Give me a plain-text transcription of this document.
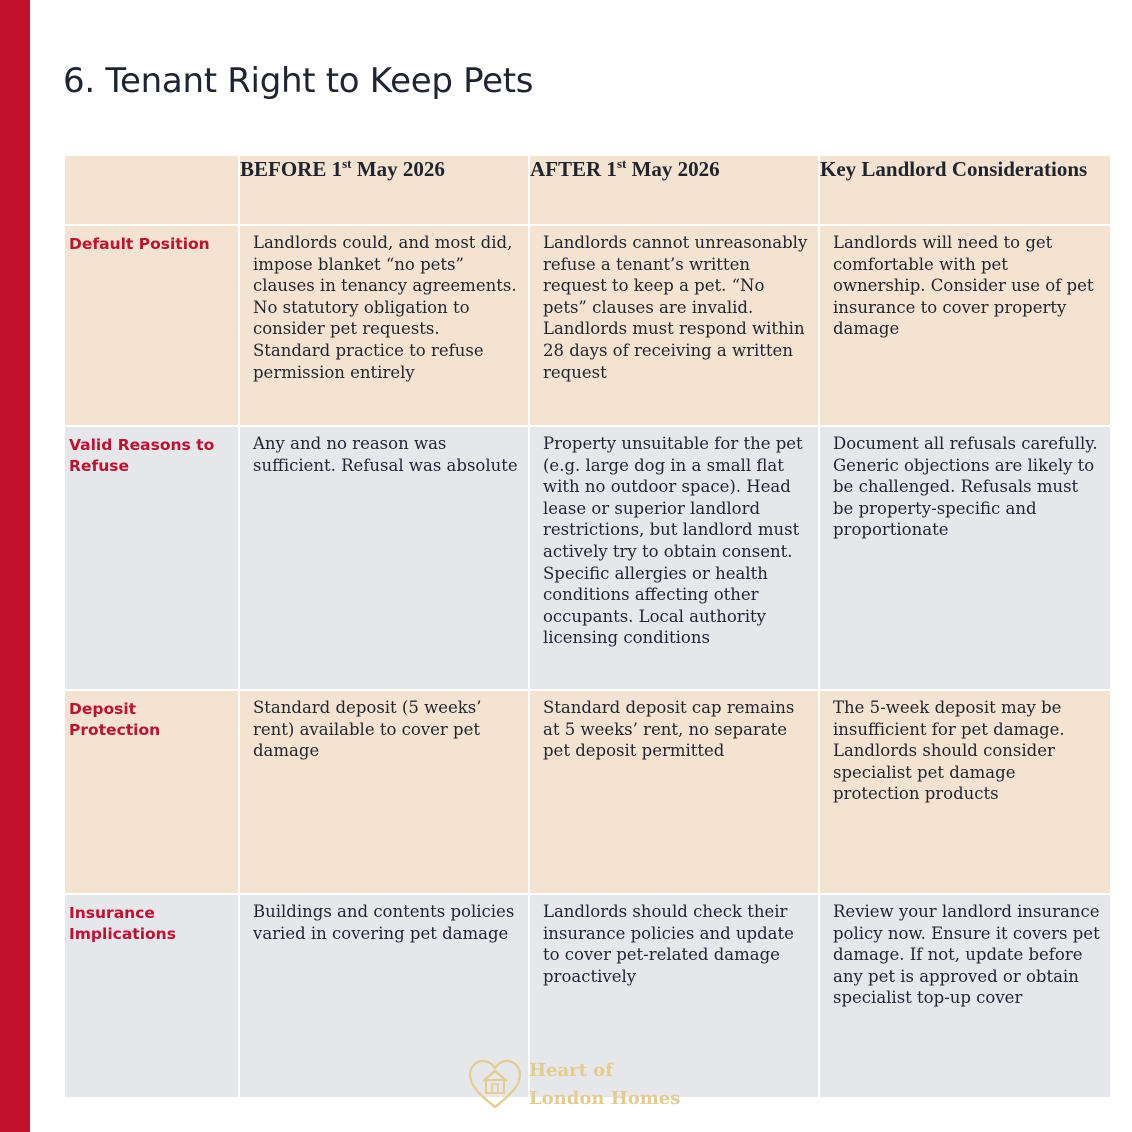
6. Tenant Right to Keep Pets
	BEFORE 1st May 2026	AFTER 1st May 2026	Key Landlord Considerations
Default Position	Landlords could, and most did, impose blanket “no pets” clauses in tenancy agreements. No statutory obligation to consider pet requests. Standard practice to refuse permission entirely	Landlords cannot unreasonably refuse a tenant’s written request to keep a pet. “No pets” clauses are invalid. Landlords must respond within 28 days of receiving a written request	Landlords will need to get comfortable with pet ownership. Consider use of pet insurance to cover property damage
Valid Reasons to Refuse	Any and no reason was sufficient. Refusal was absolute	Property unsuitable for the pet (e.g. large dog in a small flat with no outdoor space). Head lease or superior landlord restrictions, but landlord must actively try to obtain consent. Specific allergies or health conditions affecting other occupants. Local authority licensing conditions	Document all refusals carefully. Generic objections are likely to be challenged. Refusals must be property-specific and proportionate
Deposit Protection	Standard deposit (5 weeks’ rent) available to cover pet damage	Standard deposit cap remains at 5 weeks’ rent, no separate pet deposit permitted	The 5-week deposit may be insufficient for pet damage. Landlords should consider specialist pet damage protection products
Insurance Implications	Buildings and contents policies varied in covering pet damage	Landlords should check their insurance policies and update to cover pet-related damage proactively	Review your landlord insurance policy now. Ensure it covers pet damage. If not, update before any pet is approved or obtain specialist top-up cover
Heart of
London Homes
